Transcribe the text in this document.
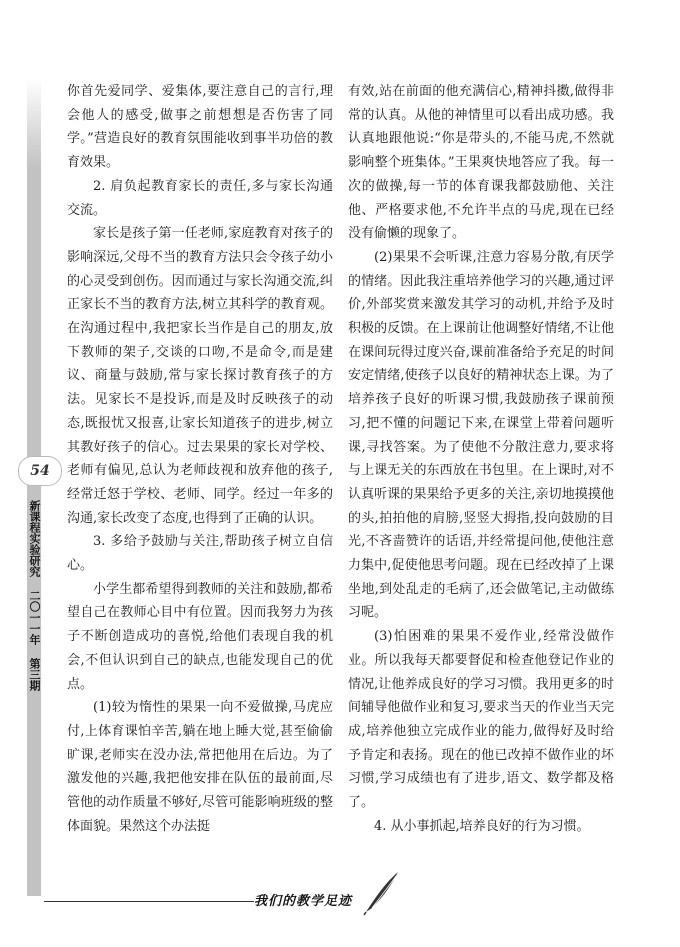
54
新课程实验研究 二〇一一年 第三期

你首先爱同学、爱集体,要注意自己的言行,理会他人的感受,做事之前想想是否伤害了同学。”营造良好的教育氛围能收到事半功倍的教育效果。

2. 肩负起教育家长的责任,多与家长沟通交流。

家长是孩子第一任老师,家庭教育对孩子的影响深远,父母不当的教育方法只会令孩子幼小的心灵受到创伤。因而通过与家长沟通交流,纠正家长不当的教育方法,树立其科学的教育观。在沟通过程中,我把家长当作是自己的朋友,放下教师的架子,交谈的口吻,不是命令,而是建议、商量与鼓励,常与家长探讨教育孩子的方法。见家长不是投诉,而是及时反映孩子的动态,既报忧又报喜,让家长知道孩子的进步,树立其教好孩子的信心。过去果果的家长对学校、老师有偏见,总认为老师歧视和放弃他的孩子,经常迁怒于学校、老师、同学。经过一年多的沟通,家长改变了态度,也得到了正确的认识。

3. 多给予鼓励与关注,帮助孩子树立自信心。

小学生都希望得到教师的关注和鼓励,都希望自己在教师心目中有位置。因而我努力为孩子不断创造成功的喜悦,给他们表现自我的机会,不但认识到自己的缺点,也能发现自己的优点。

(1)较为惰性的果果一向不爱做操,马虎应付,上体育课怕辛苦,躺在地上睡大觉,甚至偷偷旷课,老师实在没办法,常把他用在后边。为了激发他的兴趣,我把他安排在队伍的最前面,尽管他的动作质量不够好,尽管可能影响班级的整体面貌。果然这个办法挺

有效,站在前面的他充满信心,精神抖擞,做得非常的认真。从他的神情里可以看出成功感。我认真地跟他说:“你是带头的,不能马虎,不然就影响整个班集体。”王果爽快地答应了我。每一次的做操,每一节的体育课我都鼓励他、关注他、严格要求他,不允许半点的马虎,现在已经没有偷懒的现象了。

(2)果果不会听课,注意力容易分散,有厌学的情绪。因此我注重培养他学习的兴趣,通过评价,外部奖赏来激发其学习的动机,并给予及时积极的反馈。在上课前让他调整好情绪,不让他在课间玩得过度兴奋,课前准备给予充足的时间安定情绪,使孩子以良好的精神状态上课。为了培养孩子良好的听课习惯,我鼓励孩子课前预习,把不懂的问题记下来,在课堂上带着问题听课,寻找答案。为了使他不分散注意力,要求将与上课无关的东西放在书包里。在上课时,对不认真听课的果果给予更多的关注,亲切地摸摸他的头,拍拍他的肩膀,竖竖大拇指,投向鼓励的目光,不吝啬赞许的话语,并经常提问他,使他注意力集中,促使他思考问题。现在已经改掉了上课坐地,到处乱走的毛病了,还会做笔记,主动做练习呢。

(3)怕困难的果果不爱作业,经常没做作业。所以我每天都要督促和检查他登记作业的情况,让他养成良好的学习习惯。我用更多的时间辅导他做作业和复习,要求当天的作业当天完成,培养他独立完成作业的能力,做得好及时给予肯定和表扬。现在的他已改掉不做作业的坏习惯,学习成绩也有了进步,语文、数学都及格了。

4. 从小事抓起,培养良好的行为习惯。

我们的教学足迹
